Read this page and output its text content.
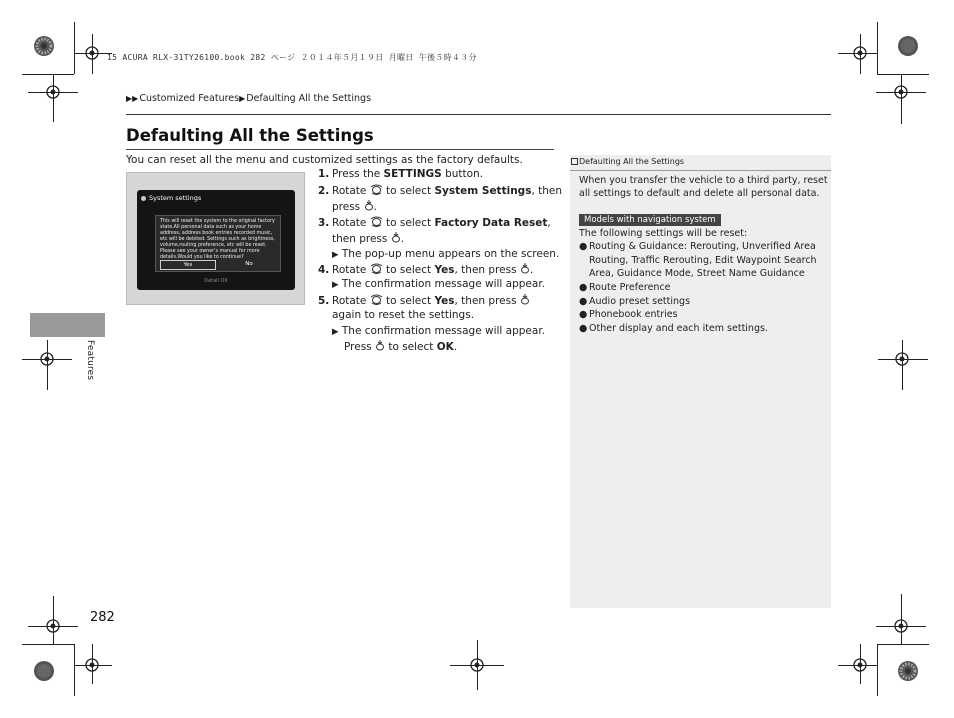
15 ACURA RLX-31TY26100.book 282 ページ ２０１４年５月１９日 月曜日 午後５時４３分
▶▶ Customized Features ▶ Defaulting All the Settings
Defaulting All the Settings
You can reset all the menu and customized settings as the factory defaults.
System settings
This will reset the system to the original factory state.All personal data such as your home address, address book entries recorded music, etc will be deleted. Settings such as brightness, volume,routing preference, etc will be reset. Please see your owner's manual for more details.Would you like to continue?
Yes	No
Detail OK
1. Press the SETTINGS button.
2. Rotate  to select System Settings, then
press .
3. Rotate  to select Factory Data Reset,
then press .
▶ The pop-up menu appears on the screen.
4. Rotate  to select Yes, then press .
▶ The confirmation message will appear.
5. Rotate  to select Yes, then press
again to reset the settings.
▶ The confirmation message will appear.
Press  to select OK.
Defaulting All the Settings
When you transfer the vehicle to a third party, reset
all settings to default and delete all personal data.
Models with navigation system
The following settings will be reset:
● Routing & Guidance: Rerouting, Unverified Area
Routing, Traffic Rerouting, Edit Waypoint Search
Area, Guidance Mode, Street Name Guidance
● Route Preference
● Audio preset settings
● Phonebook entries
● Other display and each item settings.
Features
282
